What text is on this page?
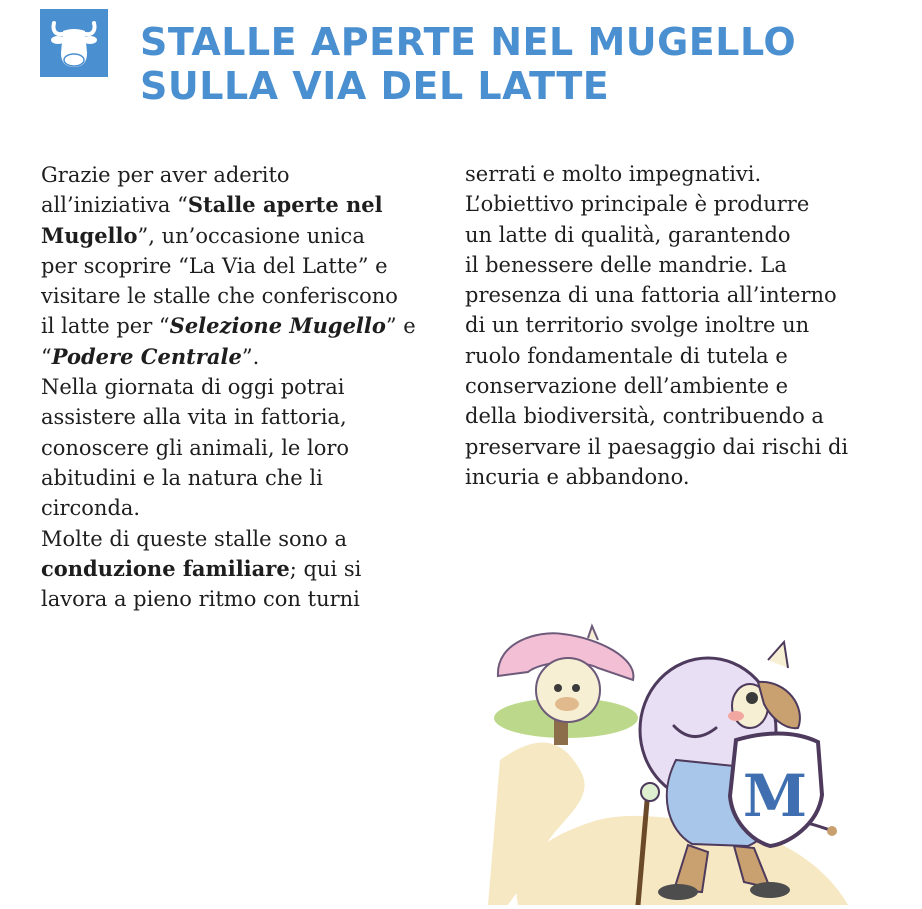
STALLE APERTE NEL MUGELLO
SULLA VIA DEL LATTE
Grazie per aver aderito
all’iniziativa “Stalle aperte nel
Mugello”, un’occasione unica
per scoprire “La Via del Latte” e
visitare le stalle che conferiscono
il latte per “Selezione Mugello” e
“Podere Centrale”.
Nella giornata di oggi potrai
assistere alla vita in fattoria,
conoscere gli animali, le loro
abitudini e la natura che li
circonda.
Molte di queste stalle sono a
conduzione familiare; qui si
lavora a pieno ritmo con turni
serrati e molto impegnativi.
L’obiettivo principale è produrre
un latte di qualità, garantendo
il benessere delle mandrie. La
presenza di una fattoria all’interno
di un territorio svolge inoltre un
ruolo fondamentale di tutela e
conservazione dell’ambiente e
della biodiversità, contribuendo a
preservare il paesaggio dai rischi di
incuria e abbandono.
M
